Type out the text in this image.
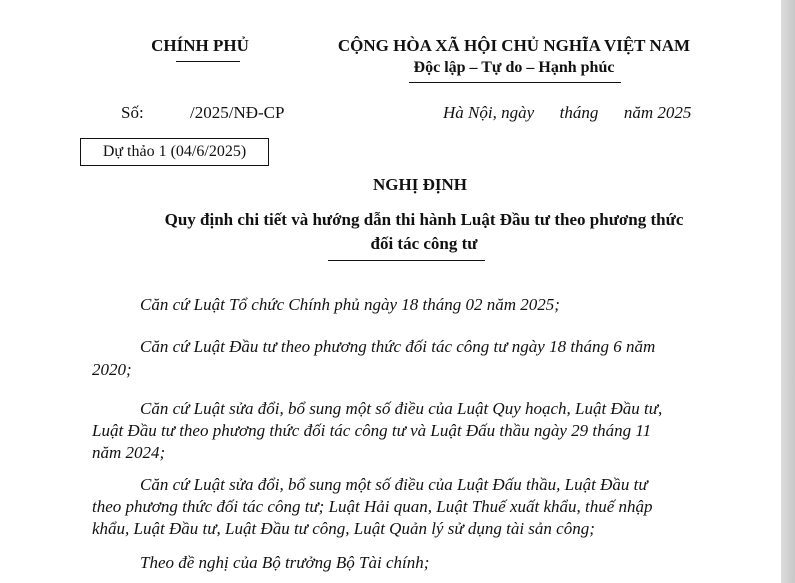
CHÍNH PHỦ	CỘNG HÒA XÃ HỘI CHỦ NGHĨA VIỆT NAM
Độc lập – Tự do – Hạnh phúc
Số:	/2025/NĐ-CP	Hà Nội, ngày      tháng      năm 2025
Dự thảo 1 (04/6/2025)
NGHỊ ĐỊNH
Quy định chi tiết và hướng dẫn thi hành Luật Đầu tư theo phương thức
đối tác công tư
Căn cứ Luật Tổ chức Chính phủ ngày 18 tháng 02 năm 2025;
Căn cứ Luật Đầu tư theo phương thức đối tác công tư ngày 18 tháng 6 năm
2020;
Căn cứ Luật sửa đổi, bổ sung một số điều của Luật Quy hoạch, Luật Đầu tư,
Luật Đầu tư theo phương thức đối tác công tư và Luật Đấu thầu ngày 29 tháng 11
năm 2024;
Căn cứ Luật sửa đổi, bổ sung một số điều của Luật Đấu thầu, Luật Đầu tư
theo phương thức đối tác công tư; Luật Hải quan, Luật Thuế xuất khẩu, thuế nhập
khẩu, Luật Đầu tư, Luật Đầu tư công, Luật Quản lý sử dụng tài sản công;
Theo đề nghị của Bộ trưởng Bộ Tài chính;
